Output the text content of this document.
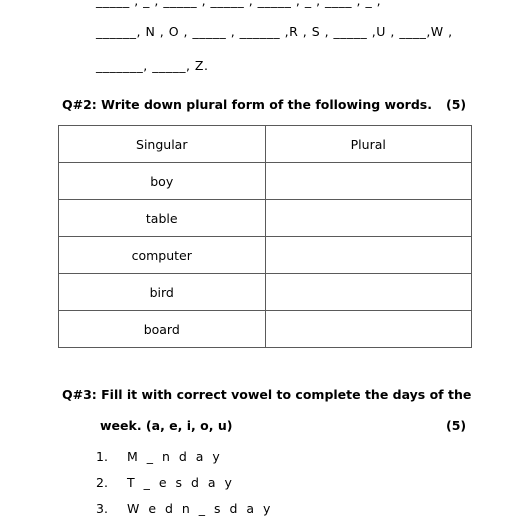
_____ , _ , _____ , _____ , _____ , _ , ____ , _ ,
______, N , O , _____ , ______ ,R , S , _____ ,U , ____,W ,
_______, _____, Z.
Q#2: Write down plural form of the following words. (5)
Singular	Plural
boy	
table	
computer	
bird	
board	
Q#3: Fill it with correct vowel to complete the days of the
week. (a, e, i, o, u)	(5)
1. M _ n d a y
2. T _ e s d a y
3. W e d n _ s d a y
